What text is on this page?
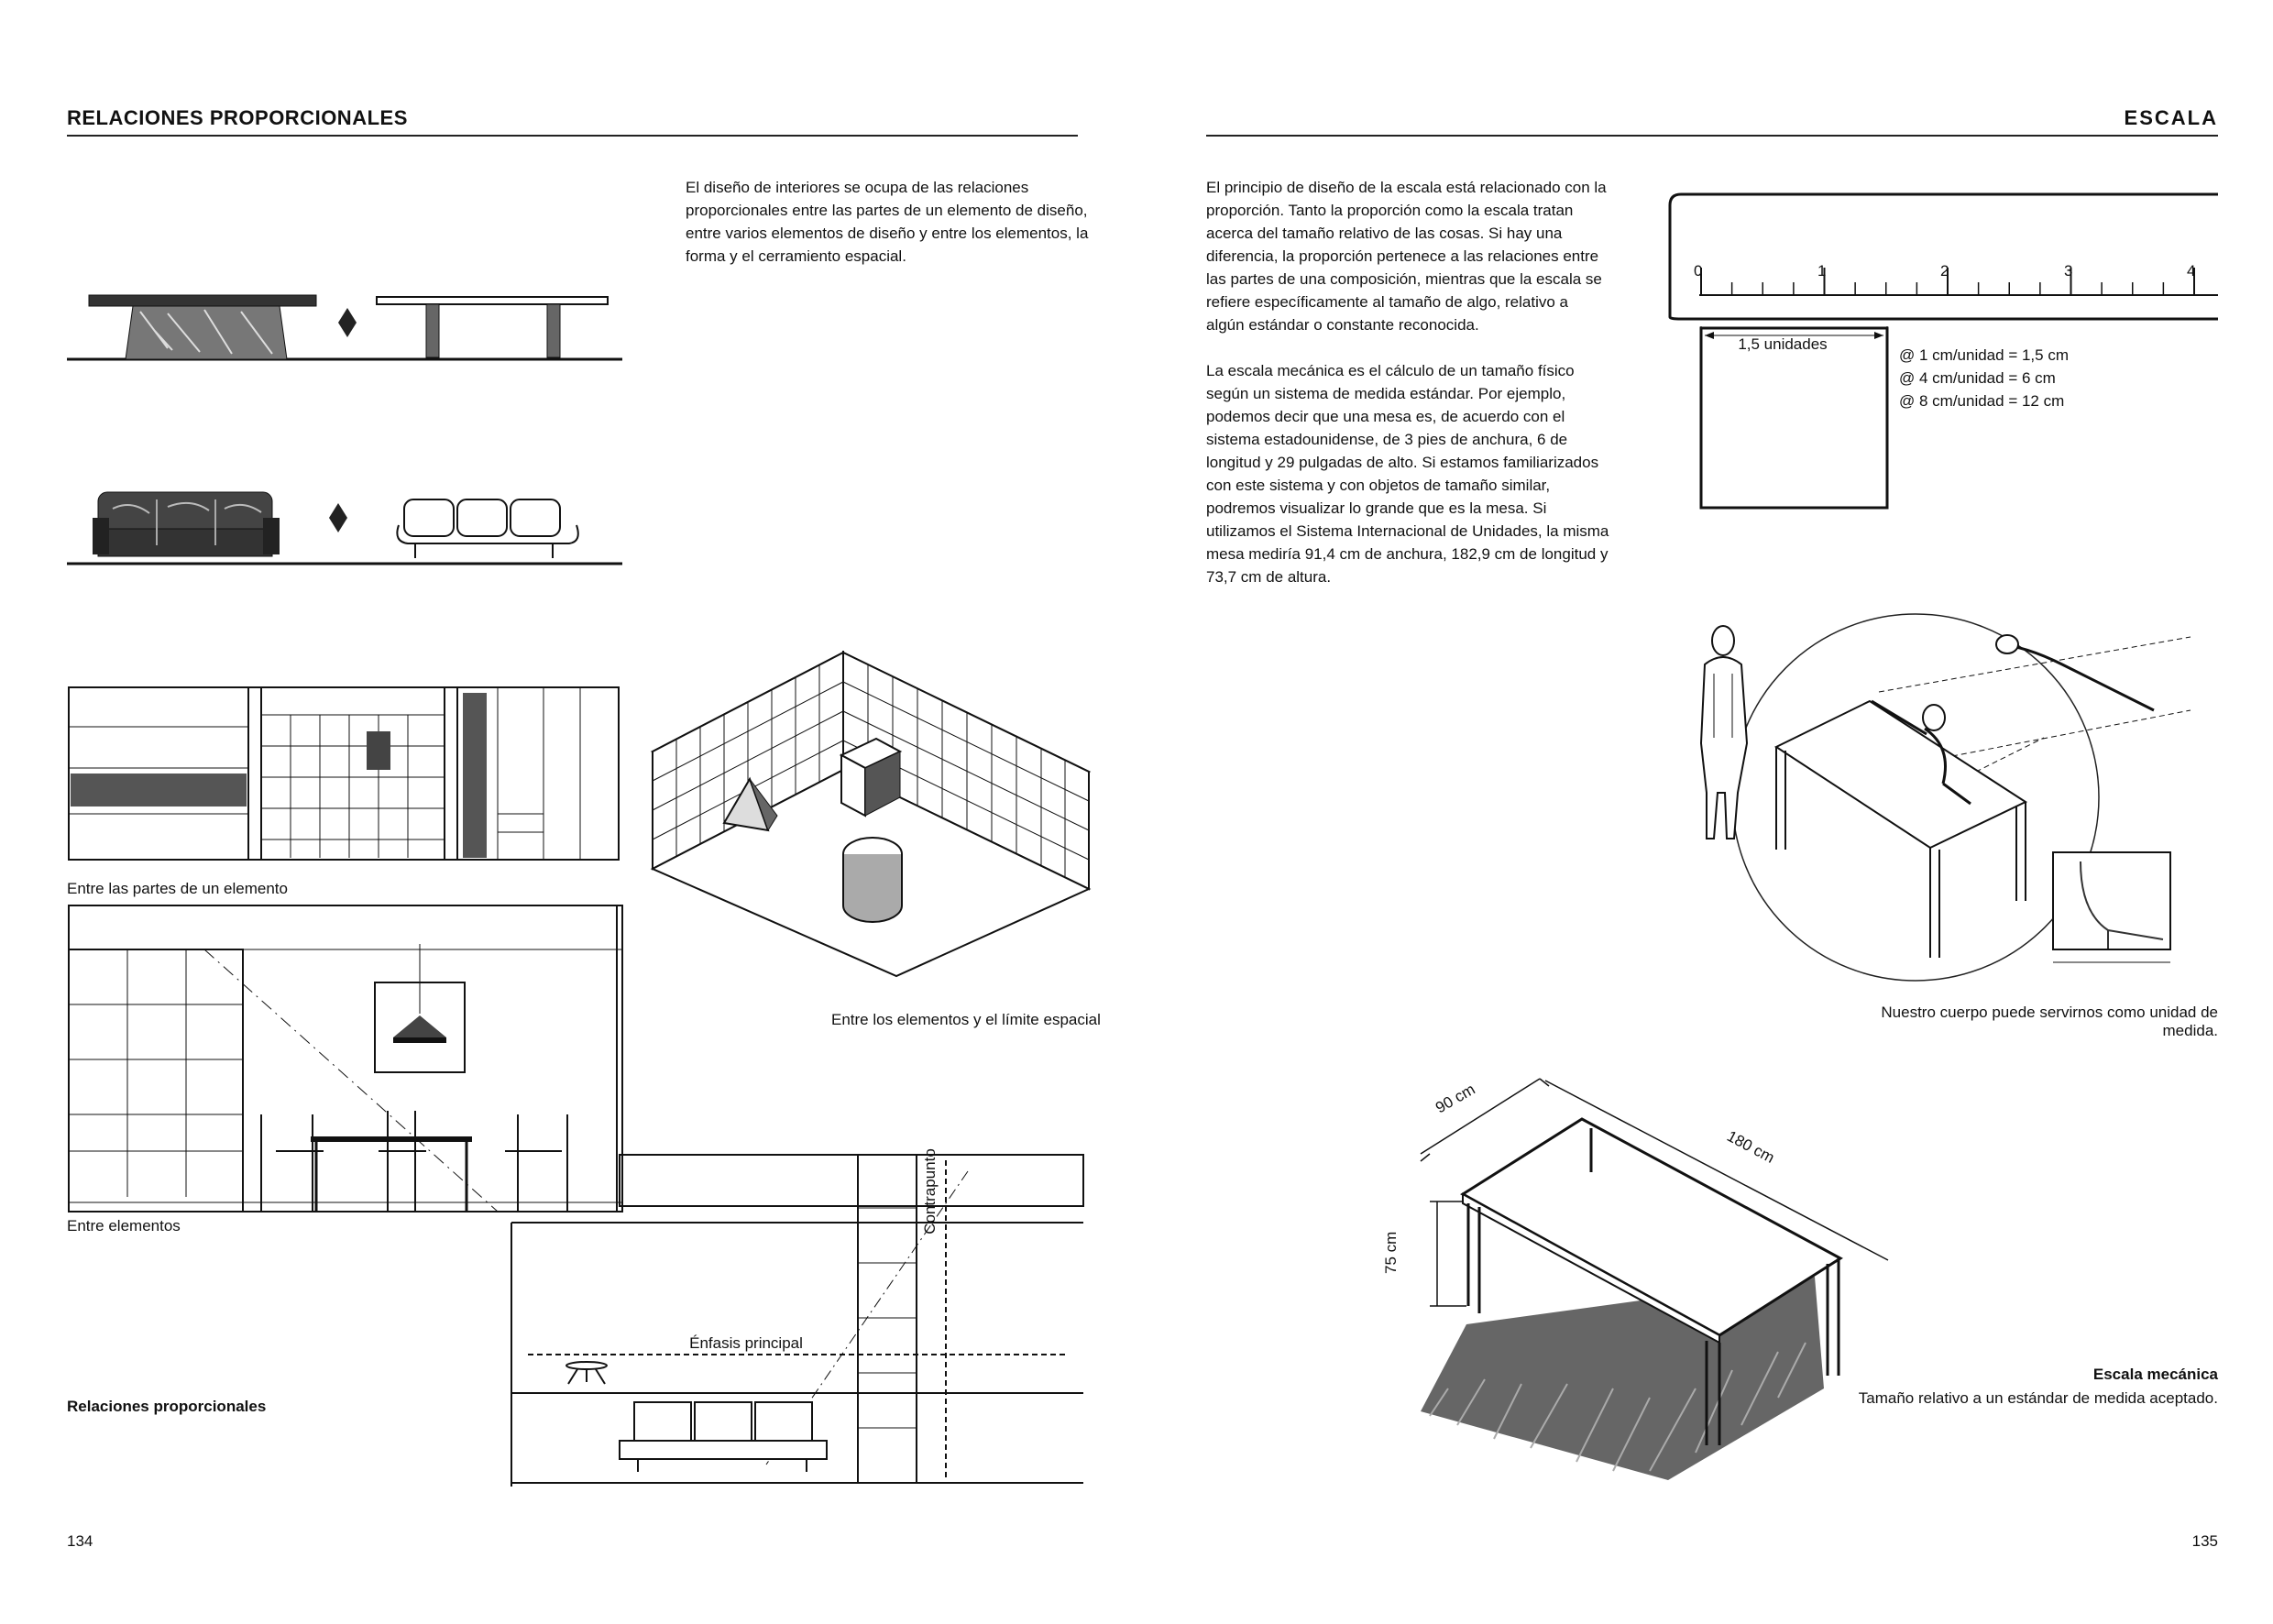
RELACIONES PROPORCIONALES
El diseño de interiores se ocupa de las relaciones proporcionales entre las partes de un elemento de diseño, entre varios elementos de diseño y entre los elementos, la forma y el cerramiento espacial.
Entre las partes de un elemento
Entre los elementos y el límite espacial
Entre elementos
Énfasis principal
Contrapunto
Relaciones proporcionales
134
ESCALA

El principio de diseño de la escala está relacionado con la proporción. Tanto la proporción como la escala tratan acerca del tamaño relativo de las cosas. Si hay una diferencia, la proporción pertenece a las relaciones entre las partes de una composición, mientras que la escala se refiere específicamente al tamaño de algo, relativo a algún estándar o constante reconocida.

La escala mecánica es el cálculo de un tamaño físico según un sistema de medida estándar. Por ejemplo, podemos decir que una mesa es, de acuerdo con el sistema estadounidense, de 3 pies de anchura, 6 de longitud y 29 pulgadas de alto. Si estamos familiarizados con este sistema y con objetos de tamaño similar, podremos visualizar lo grande que es la mesa. Si utilizamos el Sistema Internacional de Unidades, la misma mesa mediría 91,4 cm de anchura, 182,9 cm de longitud y 73,7 cm de altura.

1,5 unidades
@ 1 cm/unidad = 1,5 cm
@ 4 cm/unidad = 6 cm
@ 8 cm/unidad = 12 cm
0	1	2	3	4
Nuestro cuerpo puede servirnos como unidad de medida.
90 cm
180 cm
75 cm
Escala mecánica
Tamaño relativo a un estándar de medida aceptado.
135
